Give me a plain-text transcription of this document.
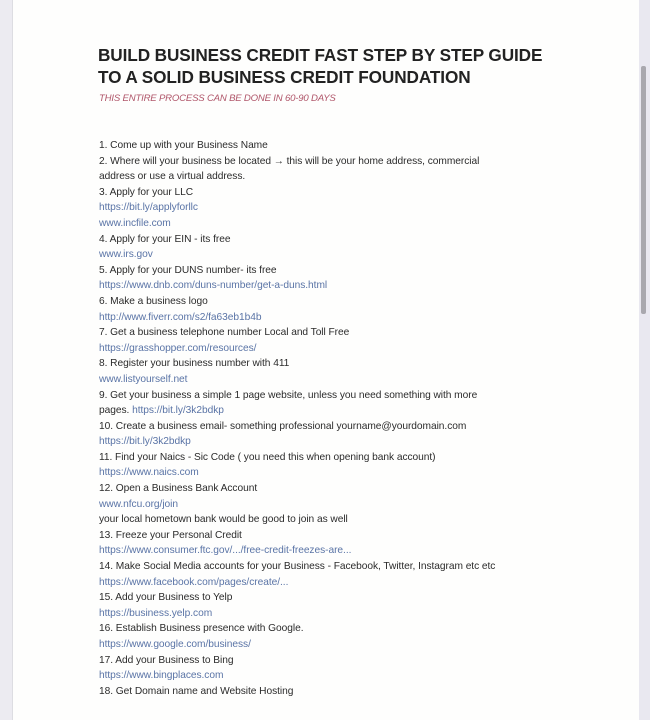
BUILD BUSINESS CREDIT FAST STEP BY STEP GUIDE
TO A SOLID BUSINESS CREDIT FOUNDATION
THIS ENTIRE PROCESS CAN BE DONE IN 60-90 DAYS
1. Come up with your Business Name
2. Where will your business be located → this will be your home address, commercial
address or use a virtual address.
3. Apply for your LLC
https://bit.ly/applyforllc
www.incfile.com
4. Apply for your EIN - its free
www.irs.gov
5. Apply for your DUNS number- its free
https://www.dnb.com/duns-number/get-a-duns.html
6. Make a business logo
http://www.fiverr.com/s2/fa63eb1b4b
7. Get a business telephone number Local and Toll Free
https://grasshopper.com/resources/
8. Register your business number with 411
www.listyourself.net
9. Get your business a simple 1 page website, unless you need something with more
pages. https://bit.ly/3k2bdkp
10. Create a business email- something professional yourname@yourdomain.com
https://bit.ly/3k2bdkp
11. Find your Naics - Sic Code ( you need this when opening bank account)
https://www.naics.com
12. Open a Business Bank Account
www.nfcu.org/join
your local hometown bank would be good to join as well
13. Freeze your Personal Credit
https://www.consumer.ftc.gov/.../free-credit-freezes-are...
14. Make Social Media accounts for your Business - Facebook, Twitter, Instagram etc etc
https://www.facebook.com/pages/create/...
15. Add your Business to Yelp
https://business.yelp.com
16. Establish Business presence with Google.
https://www.google.com/business/
17. Add your Business to Bing
https://www.bingplaces.com
18. Get Domain name and Website Hosting
